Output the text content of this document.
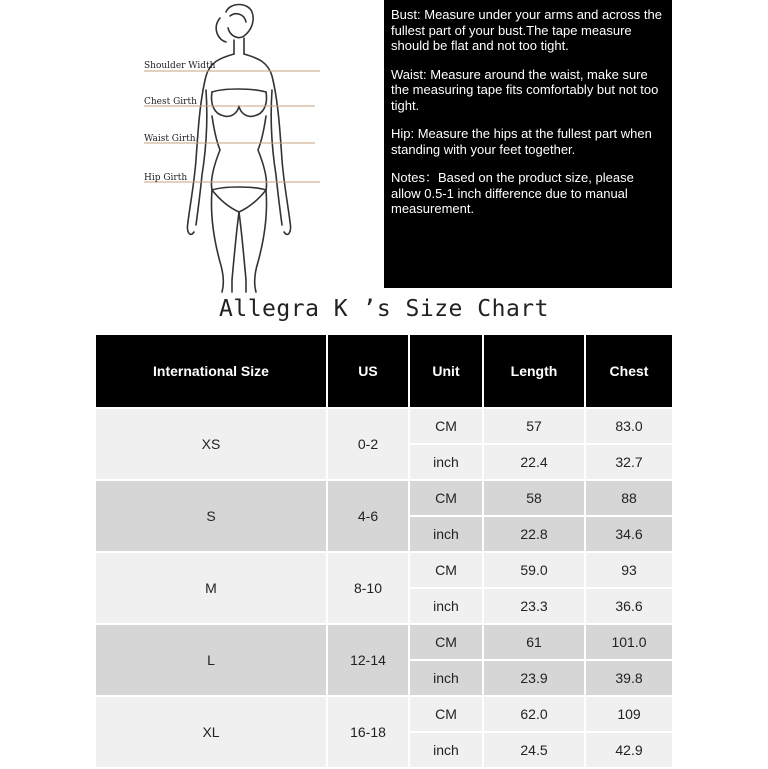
Shoulder Width
Chest Girth
Waist Girth
Hip Girth

Bust: Measure under your arms and across the fullest part of your bust.The tape measure should be flat and not too tight.

Waist: Measure around the waist, make sure the measuring tape fits comfortably but not too tight.

Hip: Measure the hips at the fullest part when standing with your feet together.

Notes：Based on the product size, please allow 0.5-1 inch difference due to manual measurement.

Allegra K ’s Size Chart
International Size	US	Unit	Length	Chest
XS	0-2	CM	57	83.0
		inch	22.4	32.7
S	4-6	CM	58	88
		inch	22.8	34.6
M	8-10	CM	59.0	93
		inch	23.3	36.6
L	12-14	CM	61	101.0
		inch	23.9	39.8
XL	16-18	CM	62.0	109
		inch	24.5	42.9
